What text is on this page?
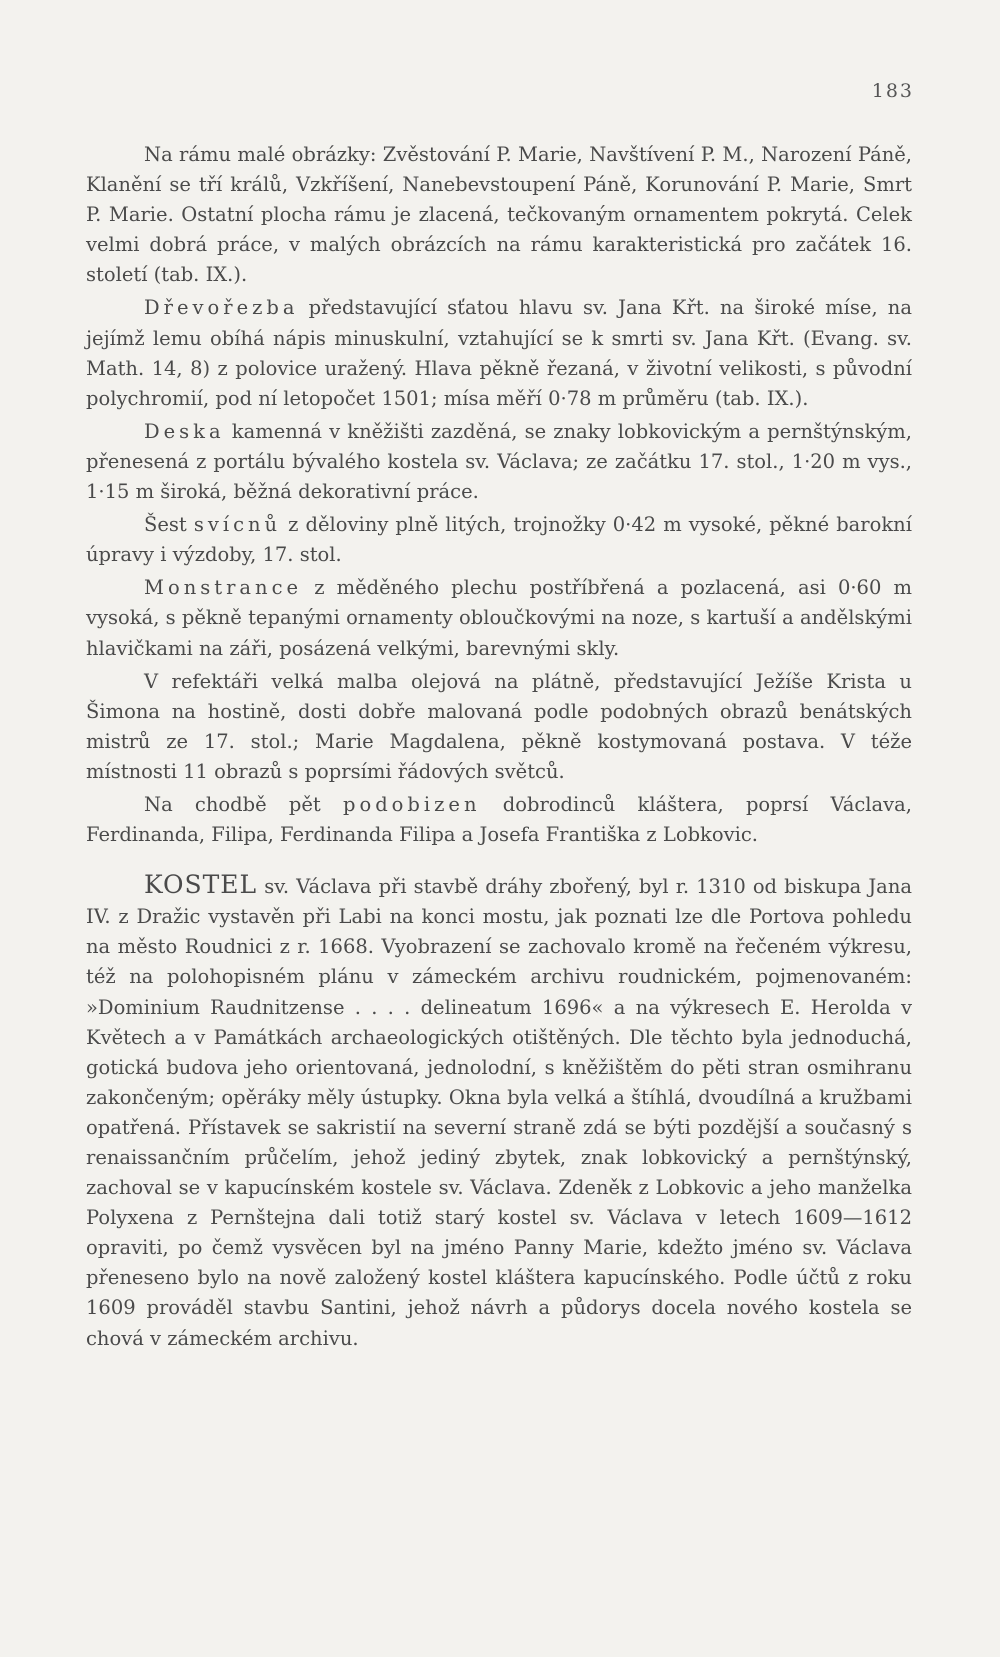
183

Na rámu malé obrázky: Zvěstování P. Marie, Navštívení P. M., Narození Páně, Klanění se tří králů, Vzkříšení, Nanebevstoupení Páně, Korunování P. Marie, Smrt P. Marie. Ostatní plocha rámu je zlacená, tečkovaným ornamentem pokrytá. Celek velmi dobrá práce, v malých obrázcích na rámu karakteristická pro začátek 16. století (tab. IX.).

Dřevořezba představující sťatou hlavu sv. Jana Křt. na široké míse, na jejímž lemu obíhá nápis minuskulní, vztahující se k smrti sv. Jana Křt. (Evang. sv. Math. 14, 8) z polovice uražený. Hlava pěkně řezaná, v životní velikosti, s původní polychromií, pod ní letopočet 1501; mísa měří 0·78 m průměru (tab. IX.).

Deska kamenná v kněžišti zazděná, se znaky lobkovickým a pernštýnským, přenesená z portálu bývalého kostela sv. Václava; ze začátku 17. stol., 1·20 m vys., 1·15 m široká, běžná dekorativní práce.

Šest svícnů z děloviny plně litých, trojnožky 0·42 m vysoké, pěkné barokní úpravy i výzdoby, 17. stol.

Monstrance z měděného plechu postříbřená a pozlacená, asi 0·60 m vysoká, s pěkně tepanými ornamenty obloučkovými na noze, s kartuší a andělskými hlavičkami na záři, posázená velkými, barevnými skly.

V refektáři velká malba olejová na plátně, představující Ježíše Krista u Šimona na hostině, dosti dobře malovaná podle podobných obrazů benátských mistrů ze 17. stol.; Marie Magdalena, pěkně kostymovaná postava. V téže místnosti 11 obrazů s poprsími řádových světců.

Na chodbě pět podobizen dobrodinců kláštera, poprsí Václava, Ferdinanda, Filipa, Ferdinanda Filipa a Josefa Františka z Lobkovic.

KOSTEL sv. Václava při stavbě dráhy zbořený, byl r. 1310 od biskupa Jana IV. z Dražic vystavěn při Labi na konci mostu, jak poznati lze dle Portova pohledu na město Roudnici z r. 1668. Vyobrazení se zachovalo kromě na řečeném výkresu, též na polohopisném plánu v zámeckém archivu roudnickém, pojmenovaném: »Dominium Raudnitzense . . . . delineatum 1696« a na výkresech E. Herolda v Květech a v Památkách archaeologických otištěných. Dle těchto byla jednoduchá, gotická budova jeho orientovaná, jednolodní, s kněžištěm do pěti stran osmihranu zakončeným; opěráky měly ústupky. Okna byla velká a štíhlá, dvoudílná a kružbami opatřená. Přístavek se sakristií na severní straně zdá se býti pozdější a současný s renaissančním průčelím, jehož jediný zbytek, znak lobkovický a pernštýnský, zachoval se v kapucínském kostele sv. Václava. Zdeněk z Lobkovic a jeho manželka Polyxena z Pernštejna dali totiž starý kostel sv. Václava v letech 1609—1612 opraviti, po čemž vysvěcen byl na jméno Panny Marie, kdežto jméno sv. Václava přeneseno bylo na nově založený kostel kláštera kapucínského. Podle účtů z roku 1609 prováděl stavbu Santini, jehož návrh a půdorys docela nového kostela se chová v zámeckém archivu.
